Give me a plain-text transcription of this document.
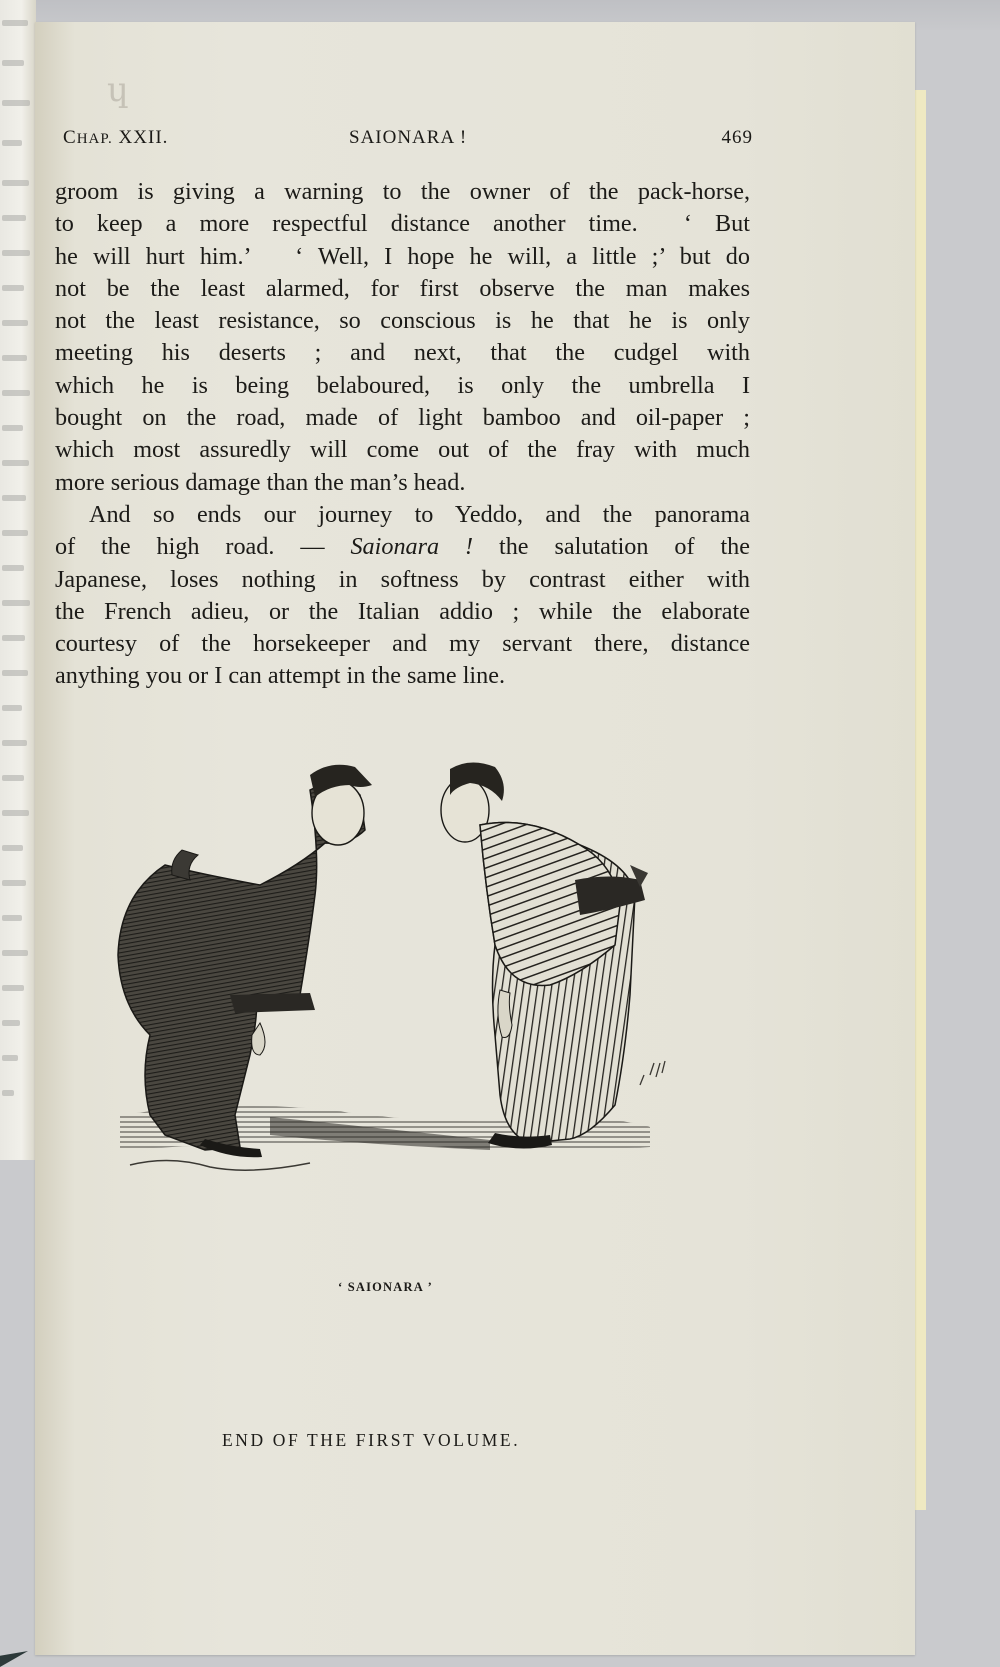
ɥ
CHAP. XXII.	SAIONARA !	469
groom is giving a warning to the owner of the pack-horse,
to keep a more respectful distance another time.  ‘ But
he will hurt him.’   ‘ Well, I hope he will, a little ;’ but do
not be the least alarmed, for first observe the man makes
not the least resistance, so conscious is he that he is only
meeting his deserts ; and next, that the cudgel with
which he is being belaboured, is only the umbrella I
bought on the road, made of light bamboo and oil-paper ;
which most assuredly will come out of the fray with much
more serious damage than the man’s head.
And so ends our journey to Yeddo, and the panorama
of the high road. — Saionara ! the salutation of the
Japanese, loses nothing in softness by contrast either with
the French adieu, or the Italian addio ; while the elaborate
courtesy of the horsekeeper and my servant there, distance
anything you or I can attempt in the same line.
‘ SAIONARA ’
END OF THE FIRST VOLUME.
